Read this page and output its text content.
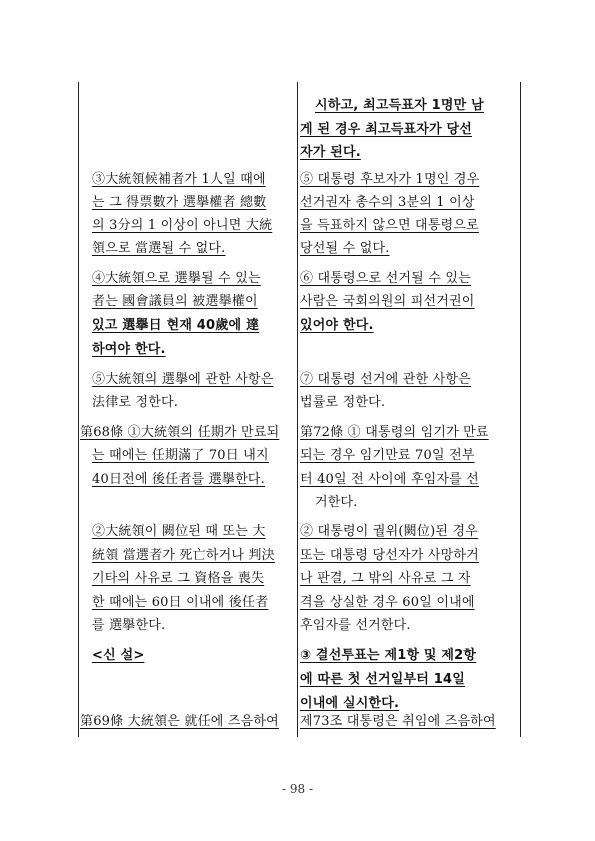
③大統領候補者가 1人일 때에
는 그 得票數가 選擧權者 總數
의 3分의 1 이상이 아니면 大統
領으로 當選될 수 없다.
④大統領으로 選擧될 수 있는
者는 國會議員의 被選擧權이
있고 選擧日 현재 40歲에 達
하여야 한다.
⑤大統領의 選擧에 관한 사항은
法律로 정한다.
第68條 ①大統領의 任期가 만료되
는 때에는 任期滿了 70日 내지
40日전에 後任者를 選擧한다.
②大統領이 闕位된 때 또는 大
統領 當選者가 死亡하거나 判決
기타의 사유로 그 資格을 喪失
한 때에는 60日 이내에 後任者
를 選擧한다.
<신 설>
第69條 大統領은 就任에 즈음하여
시하고, 최고득표자 1명만 남
게 된 경우 최고득표자가 당선
자가 된다.
⑤ 대통령 후보자가 1명인 경우
선거권자 총수의 3분의 1 이상
을 득표하지 않으면 대통령으로
당선될 수 없다.
⑥ 대통령으로 선거될 수 있는
사람은 국회의원의 피선거권이
있어야 한다.
⑦ 대통령 선거에 관한 사항은
법률로 정한다.
第72條 ① 대통령의 임기가 만료
되는 경우 임기만료 70일 전부
터 40일 전 사이에 후임자를 선
거한다.
② 대통령이 궐위(闕位)된 경우
또는 대통령 당선자가 사망하거
나 판결, 그 밖의 사유로 그 자
격을 상실한 경우 60일 이내에
후임자를 선거한다.
③ 결선투표는 제1항 및 제2항
에 따른 첫 선거일부터 14일
이내에 실시한다.
제73조 대통령은 취임에 즈음하여
- 98 -
